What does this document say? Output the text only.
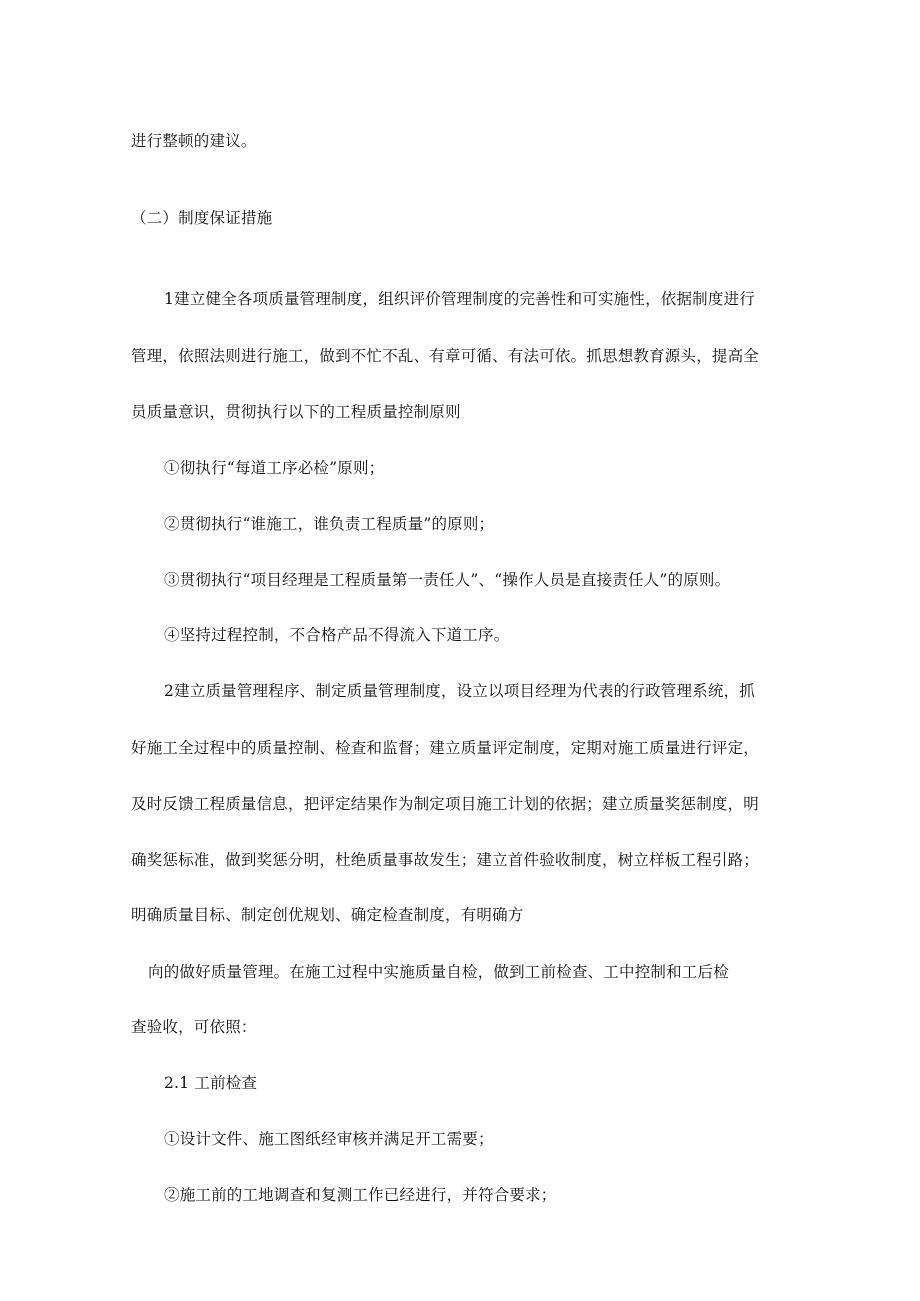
进行整顿的建议。
（二）制度保证措施
1建立健全各项质量管理制度，组织评价管理制度的完善性和可实施性，依据制度进行
管理，依照法则进行施工，做到不忙不乱、有章可循、有法可依。抓思想教育源头，提高全
员质量意识，贯彻执行以下的工程质量控制原则
①彻执行“每道工序必检”原则；
②贯彻执行“谁施工，谁负责工程质量”的原则；
③贯彻执行“项目经理是工程质量第一责任人”、“操作人员是直接责任人”的原则。
④坚持过程控制，不合格产品不得流入下道工序。
2建立质量管理程序、制定质量管理制度，设立以项目经理为代表的行政管理系统，抓
好施工全过程中的质量控制、检查和监督；建立质量评定制度，定期对施工质量进行评定，
及时反馈工程质量信息，把评定结果作为制定项目施工计划的依据；建立质量奖惩制度，明
确奖惩标准，做到奖惩分明，杜绝质量事故发生；建立首件验收制度，树立样板工程引路；
明确质量目标、制定创优规划、确定检查制度，有明确方
向的做好质量管理。在施工过程中实施质量自检，做到工前检查、工中控制和工后检
查验收，可依照：
2.1 工前检查
①设计文件、施工图纸经审核并满足开工需要；
②施工前的工地调查和复测工作已经进行，并符合要求；
